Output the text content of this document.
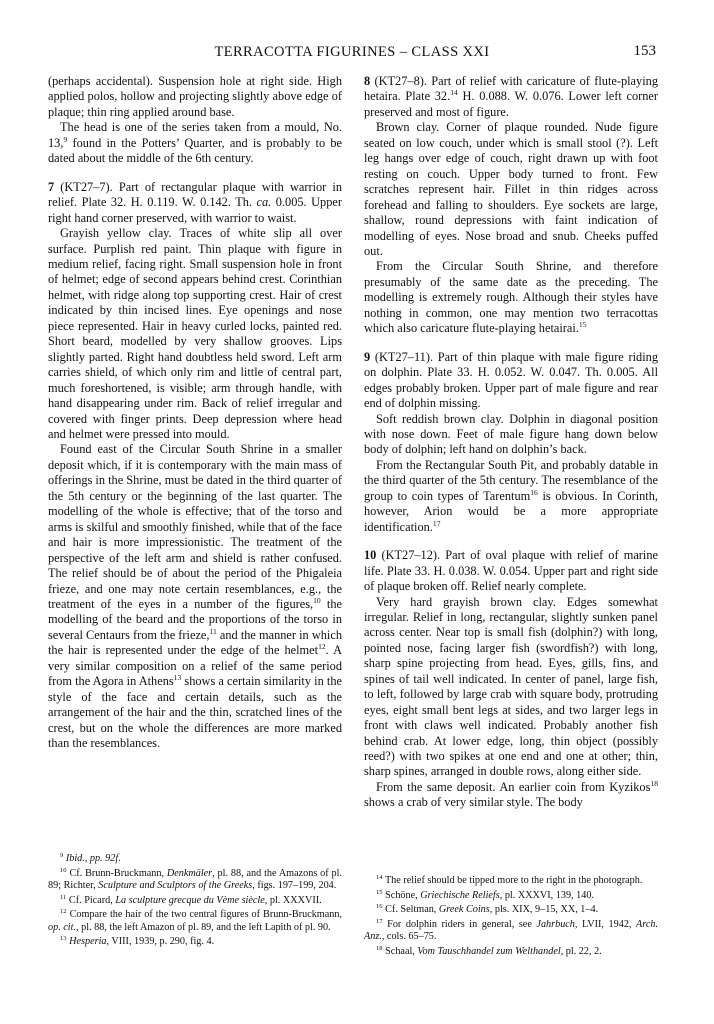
TERRACOTTA FIGURINES – CLASS XXI	153

(perhaps accidental). Suspension hole at right side. High applied polos, hollow and projecting slightly above edge of plaque; thin ring applied around base.

The head is one of the series taken from a mould, No. 13,$^9$ found in the Potters’ Quarter, and is probably to be dated about the middle of the 6th century.

7 (KT27–7). Part of rectangular plaque with warrior in relief. Plate 32. H. 0.119. W. 0.142. Th. ca. 0.005. Upper right hand corner preserved, with warrior to waist.

Grayish yellow clay. Traces of white slip all over surface. Purplish red paint. Thin plaque with figure in medium relief, facing right. Small suspension hole in front of helmet; edge of second appears behind crest. Corinthian helmet, with ridge along top supporting crest. Hair of crest indicated by thin incised lines. Eye openings and nose piece represented. Hair in heavy curled locks, painted red. Short beard, modelled by very shallow grooves. Lips slightly parted. Right hand doubtless held sword. Left arm carries shield, of which only rim and little of central part, much foreshortened, is visible; arm through handle, with hand disappearing under rim. Back of relief irregular and covered with finger prints. Deep depression where head and helmet were pressed into mould.

Found east of the Circular South Shrine in a smaller deposit which, if it is contemporary with the main mass of offerings in the Shrine, must be dated in the third quarter of the 5th century or the beginning of the last quarter. The modelling of the whole is effective; that of the torso and arms is skilful and smoothly finished, while that of the face and hair is more impressionistic. The treatment of the perspective of the left arm and shield is rather confused. The relief should be of about the period of the Phigaleia frieze, and one may note certain resemblances, e.g., the treatment of the eyes in a number of the figures,$^{10}$ the modelling of the beard and the proportions of the torso in several Centaurs from the frieze,$^{11}$ and the manner in which the hair is represented under the edge of the helmet$^{12}$. A very similar composition on a relief of the same period from the Agora in Athens$^{13}$ shows a certain similarity in the style of the face and certain details, such as the arrangement of the hair and the thin, scratched lines of the crest, but on the whole the differences are more marked than the resemblances.

8 (KT27–8). Part of relief with caricature of flute-playing hetaira. Plate 32.14 H. 0.088. W. 0.076. Lower left corner preserved and most of figure.

Brown clay. Corner of plaque rounded. Nude figure seated on low couch, under which is small stool (?). Left leg hangs over edge of couch, right drawn up with foot resting on couch. Upper body turned to front. Few scratches represent hair. Fillet in thin ridges across forehead and falling to shoulders. Eye sockets are large, shallow, round depressions with faint indication of modelling of eyes. Nose broad and snub. Cheeks puffed out.

From the Circular South Shrine, and therefore presumably of the same date as the preceding. The modelling is extremely rough. Although their styles have nothing in common, one may mention two terracottas which also caricature flute-playing hetairai.$^{15}$

9 (KT27–11). Part of thin plaque with male figure riding on dolphin. Plate 33. H. 0.052. W. 0.047. Th. 0.005. All edges probably broken. Upper part of male figure and rear end of dolphin missing.

Soft reddish brown clay. Dolphin in diagonal position with nose down. Feet of male figure hang down below body of dolphin; left hand on dolphin’s back.

From the Rectangular South Pit, and probably datable in the third quarter of the 5th century. The resemblance of the group to coin types of Tarentum$^{16}$ is obvious. In Corinth, however, Arion would be a more appropriate identification.$^{17}$

10 (KT27–12). Part of oval plaque with relief of marine life. Plate 33. H. 0.038. W. 0.054. Upper part and right side of plaque broken off. Relief nearly complete.

Very hard grayish brown clay. Edges somewhat irregular. Relief in long, rectangular, slightly sunken panel across center. Near top is small fish (dolphin?) with long, pointed nose, facing larger fish (swordfish?) with long, sharp spine projecting from head. Eyes, gills, fins, and spines of tail well indicated. In center of panel, large fish, to left, followed by large crab with square body, protruding eyes, eight small bent legs at sides, and two larger legs in front with claws well indicated. Probably another fish behind crab. At lower edge, long, thin object (possibly reed?) with two spikes at one end and one at other; thin, sharp spines, arranged in double rows, along either side.

From the same deposit. An earlier coin from Kyzikos$^{18}$ shows a crab of very similar style. The body

$^9$ Ibid., pp. 92f.

$^{10}$ Cf. Brunn-Bruckmann, Denkmäler, pl. 88, and the Amazons of pl. 89; Richter, Sculpture and Sculptors of the Greeks, figs. 197–199, 204.

$^{11}$ Cf. Picard, La sculpture grecque du Vème siècle, pl. XXXVII.

$^{12}$ Compare the hair of the two central figures of Brunn-Bruckmann, op. cit., pl. 88, the left Amazon of pl. 89, and the left Lapith of pl. 90.

$^{13}$ Hesperia, VIII, 1939, p. 290, fig. 4.

$^{14}$ The relief should be tipped more to the right in the photograph.

$^{15}$ Schöne, Griechische Reliefs, pl. XXXVI, 139, 140.

$^{16}$ Cf. Seltman, Greek Coins, pls. XIX, 9–15, XX, 1–4.

$^{17}$ For dolphin riders in general, see Jahrbuch, LVII, 1942, Arch. Anz., cols. 65–75.

$^{18}$ Schaal, Vom Tauschhandel zum Welthandel, pl. 22, 2.
